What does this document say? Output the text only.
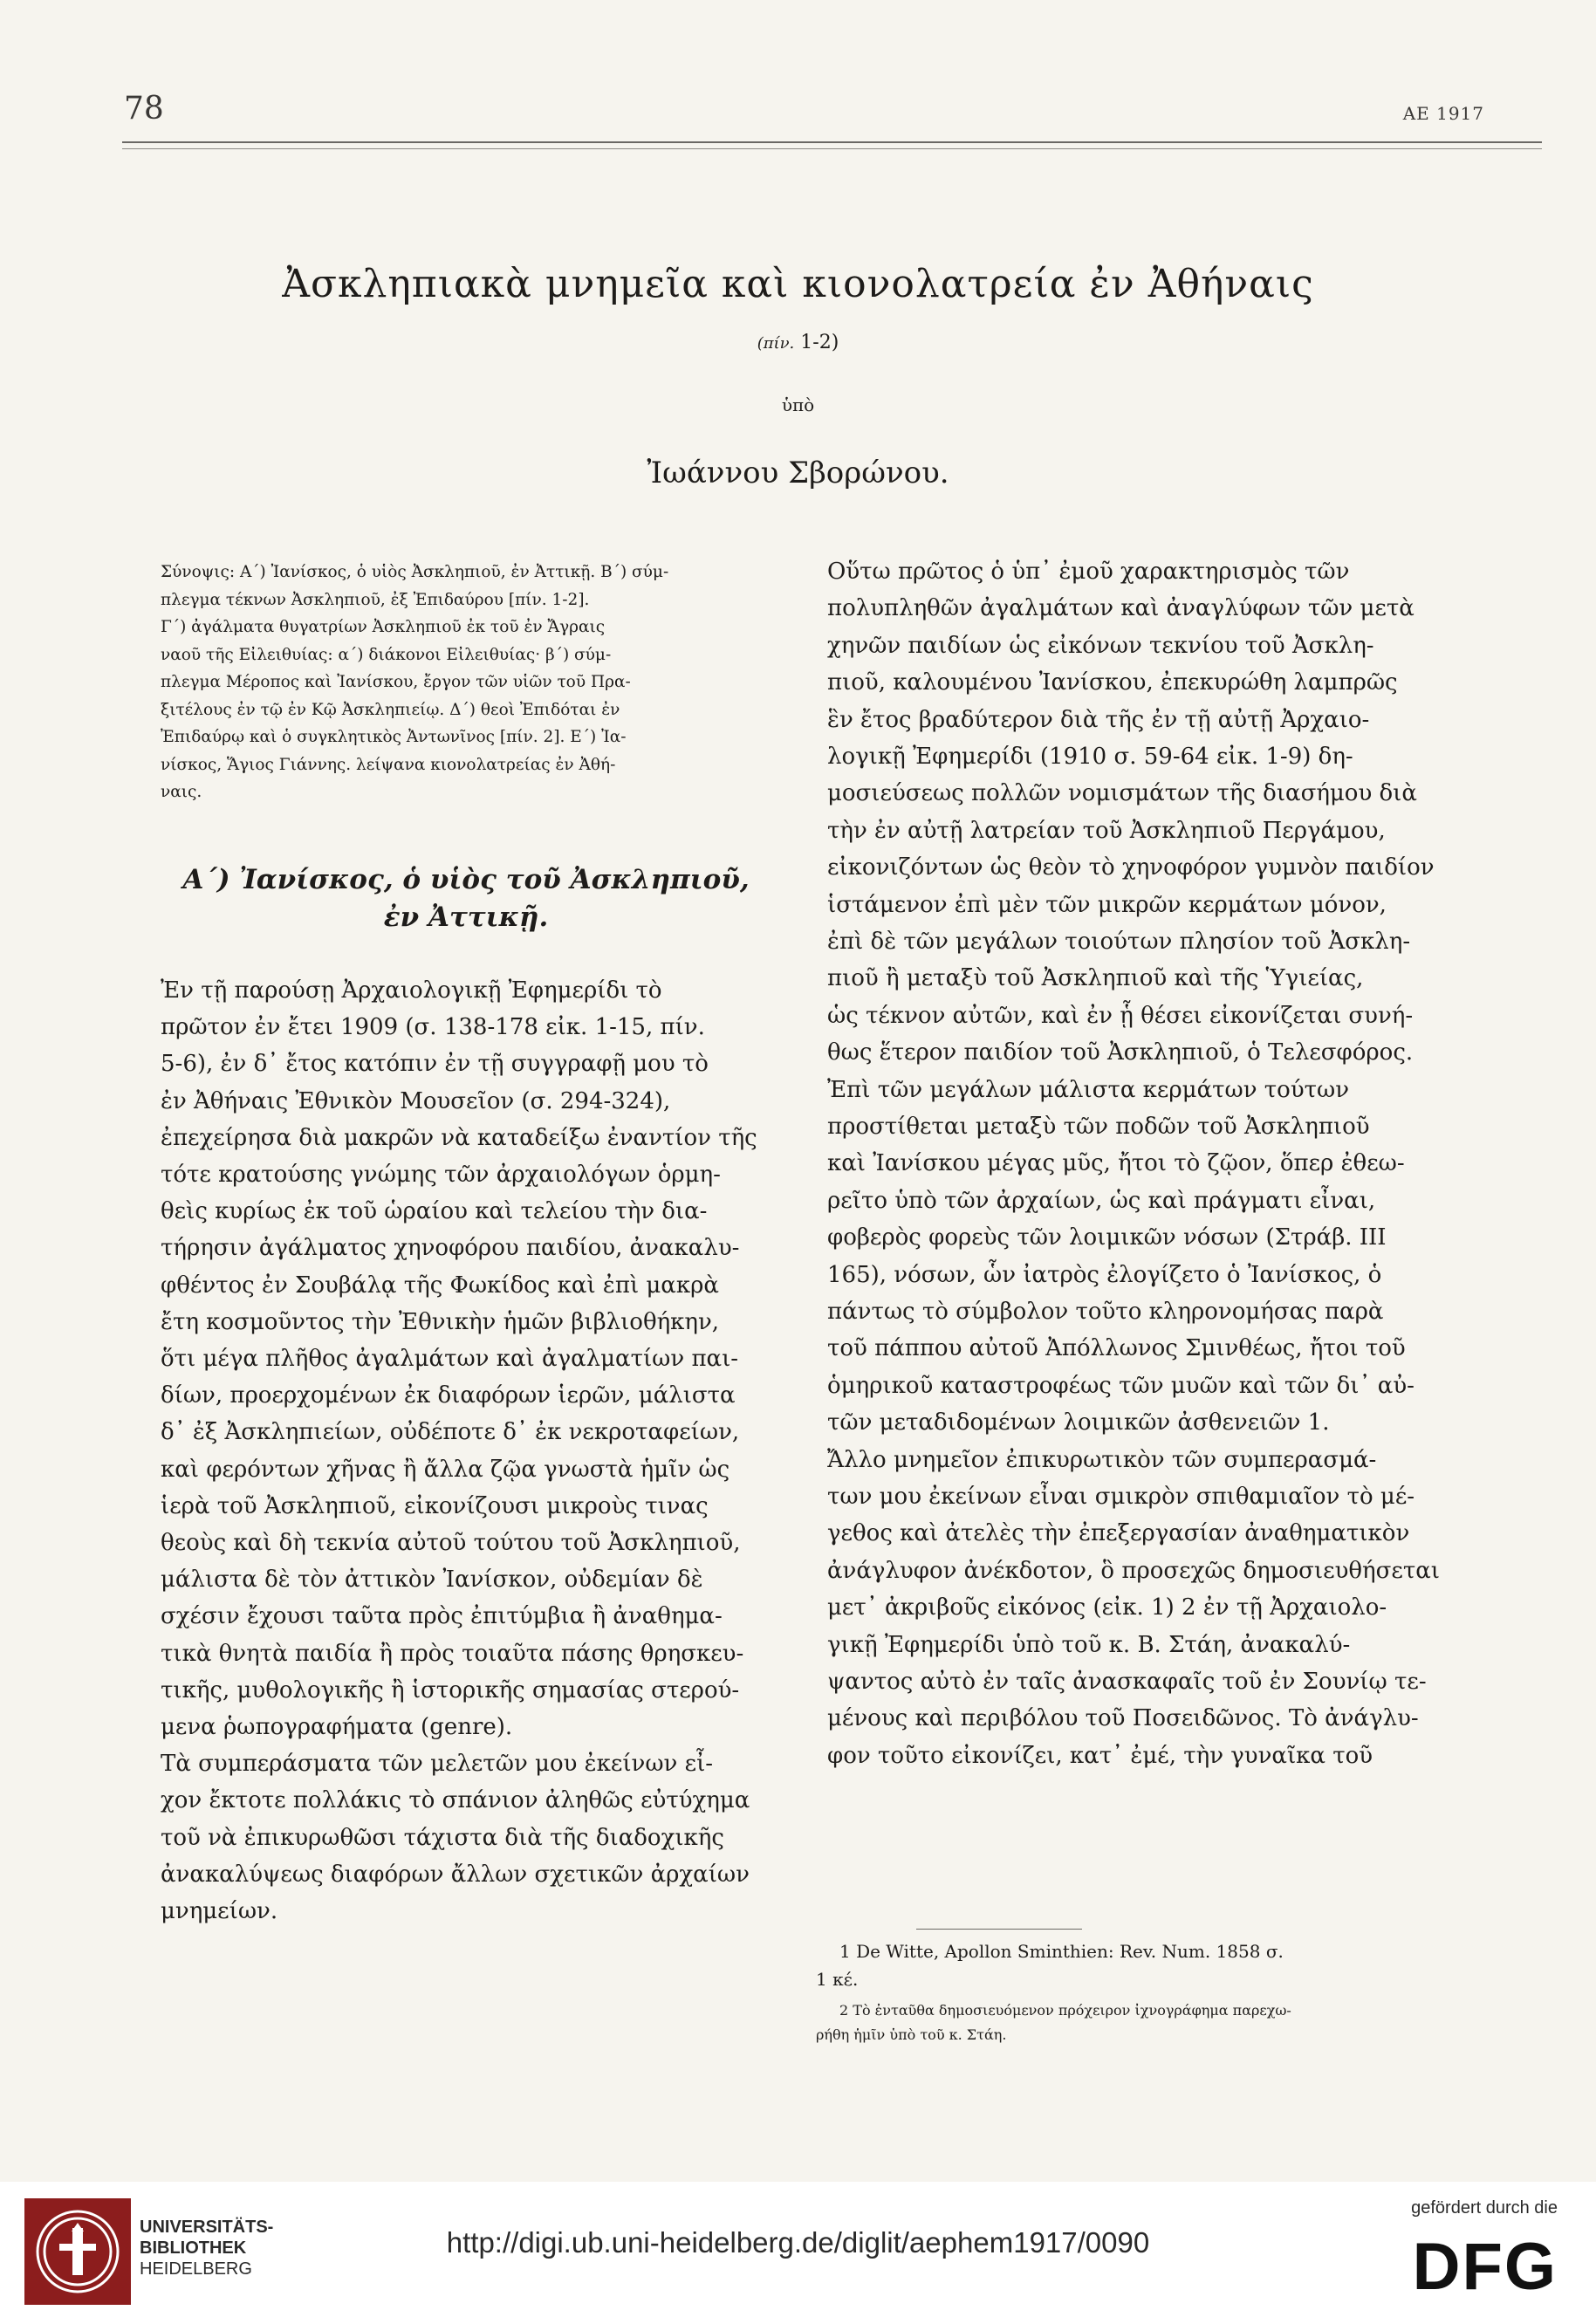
78	ΑΕ 1917
Ἀσκληπιακὰ μνημεῖα καὶ κιονολατρεία ἐν Ἀθήναις
(πίν. 1-2)
ὑπὸ
Ἰωάννου Σβορώνου.
Σύνοψις: Α΄) Ἰανίσκος, ὁ υἱὸς Ἀσκληπιοῦ, ἐν Ἀττικῇ. Β΄) σύμ-
πλεγμα τέκνων Ἀσκληπιοῦ, ἐξ Ἐπιδαύρου [πίν. 1-2].
Γ΄) ἀγάλματα θυγατρίων Ἀσκληπιοῦ ἐκ τοῦ ἐν Ἄγραις
ναοῦ τῆς Εἰλειθυίας: α΄) διάκονοι Εἰλειθυίας· β΄) σύμ-
πλεγμα Μέροπος καὶ Ἰανίσκου, ἔργον τῶν υἱῶν τοῦ Πρα-
ξιτέλους ἐν τῷ ἐν Κῷ Ἀσκληπιείῳ. Δ΄) θεοὶ Ἐπιδόται ἐν
Ἐπιδαύρῳ καὶ ὁ συγκλητικὸς Ἀντωνῖνος [πίν. 2]. Ε΄) Ἰα-
νίσκος, Ἅγιος Γιάννης. λείψανα κιονολατρείας ἐν Ἀθή-
ναις.
Α΄) Ἰανίσκος, ὁ υἱὸς τοῦ Ἀσκληπιοῦ,
ἐν Ἀττικῇ.
Ἐν τῇ παρούσῃ Ἀρχαιολογικῇ Ἐφημερίδι τὸ
πρῶτον ἐν ἔτει 1909 (σ. 138-178 εἰκ. 1-15, πίν.
5-6), ἐν δ᾽ ἔτος κατόπιν ἐν τῇ συγγραφῇ μου τὸ
ἐν Ἀθήναις Ἐθνικὸν Μουσεῖον (σ. 294-324),
ἐπεχείρησα διὰ μακρῶν νὰ καταδείξω ἐναντίον τῆς
τότε κρατούσης γνώμης τῶν ἀρχαιολόγων ὁρμη-
θεὶς κυρίως ἐκ τοῦ ὡραίου καὶ τελείου τὴν δια-
τήρησιν ἀγάλματος χηνοφόρου παιδίου, ἀνακαλυ-
φθέντος ἐν Σουβάλᾳ τῆς Φωκίδος καὶ ἐπὶ μακρὰ
ἔτη κοσμοῦντος τὴν Ἐθνικὴν ἡμῶν βιβλιοθήκην,
ὅτι μέγα πλῆθος ἀγαλμάτων καὶ ἀγαλματίων παι-
δίων, προερχομένων ἐκ διαφόρων ἱερῶν, μάλιστα
δ᾽ ἐξ Ἀσκληπιείων, οὐδέποτε δ᾽ ἐκ νεκροταφείων,
καὶ φερόντων χῆνας ἢ ἄλλα ζῷα γνωστὰ ἡμῖν ὡς
ἱερὰ τοῦ Ἀσκληπιοῦ, εἰκονίζουσι μικροὺς τινας
θεοὺς καὶ δὴ τεκνία αὐτοῦ τούτου τοῦ Ἀσκληπιοῦ,
μάλιστα δὲ τὸν ἀττικὸν Ἰανίσκον, οὐδεμίαν δὲ
σχέσιν ἔχουσι ταῦτα πρὸς ἐπιτύμβια ἢ ἀναθημα-
τικὰ θνητὰ παιδία ἢ πρὸς τοιαῦτα πάσης θρησκευ-
τικῆς, μυθολογικῆς ἢ ἱστορικῆς σημασίας στερού-
μενα ῥωπογραφήματα (genre).
Τὰ συμπεράσματα τῶν μελετῶν μου ἐκείνων εἶ-
χον ἔκτοτε πολλάκις τὸ σπάνιον ἀληθῶς εὐτύχημα
τοῦ νὰ ἐπικυρωθῶσι τάχιστα διὰ τῆς διαδοχικῆς
ἀνακαλύψεως διαφόρων ἄλλων σχετικῶν ἀρχαίων
μνημείων.
Οὕτω πρῶτος ὁ ὑπ᾽ ἐμοῦ χαρακτηρισμὸς τῶν
πολυπληθῶν ἀγαλμάτων καὶ ἀναγλύφων τῶν μετὰ
χηνῶν παιδίων ὡς εἰκόνων τεκνίου τοῦ Ἀσκλη-
πιοῦ, καλουμένου Ἰανίσκου, ἐπεκυρώθη λαμπρῶς
ἓν ἔτος βραδύτερον διὰ τῆς ἐν τῇ αὐτῇ Ἀρχαιο-
λογικῇ Ἐφημερίδι (1910 σ. 59-64 εἰκ. 1-9) δη-
μοσιεύσεως πολλῶν νομισμάτων τῆς διασήμου διὰ
τὴν ἐν αὐτῇ λατρείαν τοῦ Ἀσκληπιοῦ Περγάμου,
εἰκονιζόντων ὡς θεὸν τὸ χηνοφόρον γυμνὸν παιδίον
ἱστάμενον ἐπὶ μὲν τῶν μικρῶν κερμάτων μόνον,
ἐπὶ δὲ τῶν μεγάλων τοιούτων πλησίον τοῦ Ἀσκλη-
πιοῦ ἢ μεταξὺ τοῦ Ἀσκληπιοῦ καὶ τῆς Ὑγιείας,
ὡς τέκνον αὐτῶν, καὶ ἐν ᾗ θέσει εἰκονίζεται συνή-
θως ἕτερον παιδίον τοῦ Ἀσκληπιοῦ, ὁ Τελεσφόρος.
Ἐπὶ τῶν μεγάλων μάλιστα κερμάτων τούτων
προστίθεται μεταξὺ τῶν ποδῶν τοῦ Ἀσκληπιοῦ
καὶ Ἰανίσκου μέγας μῦς, ἤτοι τὸ ζῷον, ὅπερ ἐθεω-
ρεῖτο ὑπὸ τῶν ἀρχαίων, ὡς καὶ πράγματι εἶναι,
φοβερὸς φορεὺς τῶν λοιμικῶν νόσων (Στράβ. ΙΙΙ
165), νόσων, ὧν ἰατρὸς ἐλογίζετο ὁ Ἰανίσκος, ὁ
πάντως τὸ σύμβολον τοῦτο κληρονομήσας παρὰ
τοῦ πάππου αὐτοῦ Ἀπόλλωνος Σμινθέως, ἤτοι τοῦ
ὁμηρικοῦ καταστροφέως τῶν μυῶν καὶ τῶν δι᾽ αὐ-
τῶν μεταδιδομένων λοιμικῶν ἀσθενειῶν 1.
Ἄλλο μνημεῖον ἐπικυρωτικὸν τῶν συμπερασμά-
των μου ἐκείνων εἶναι σμικρὸν σπιθαμιαῖον τὸ μέ-
γεθος καὶ ἀτελὲς τὴν ἐπεξεργασίαν ἀναθηματικὸν
ἀνάγλυφον ἀνέκδοτον, ὃ προσεχῶς δημοσιευθήσεται
μετ᾽ ἀκριβοῦς εἰκόνος (εἰκ. 1) 2 ἐν τῇ Ἀρχαιολο-
γικῇ Ἐφημερίδι ὑπὸ τοῦ κ. Β. Στάη, ἀνακαλύ-
ψαντος αὐτὸ ἐν ταῖς ἀνασκαφαῖς τοῦ ἐν Σουνίῳ τε-
μένους καὶ περιβόλου τοῦ Ποσειδῶνος. Τὸ ἀνάγλυ-
φον τοῦτο εἰκονίζει, κατ᾽ ἐμέ, τὴν γυναῖκα τοῦ
1 De Witte, Apollon Sminthien: Rev. Num. 1858 σ.
1 κέ.
2 Τὸ ἐνταῦθα δημοσιευόμενον πρόχειρον ἰχνογράφημα παρεχω-
ρήθη ἡμῖν ὑπὸ τοῦ κ. Στάη.
UNIVERSITÄTS-
BIBLIOTHEK
HEIDELBERG
http://digi.ub.uni-heidelberg.de/diglit/aephem1917/0090
gefördert durch die
DFG
